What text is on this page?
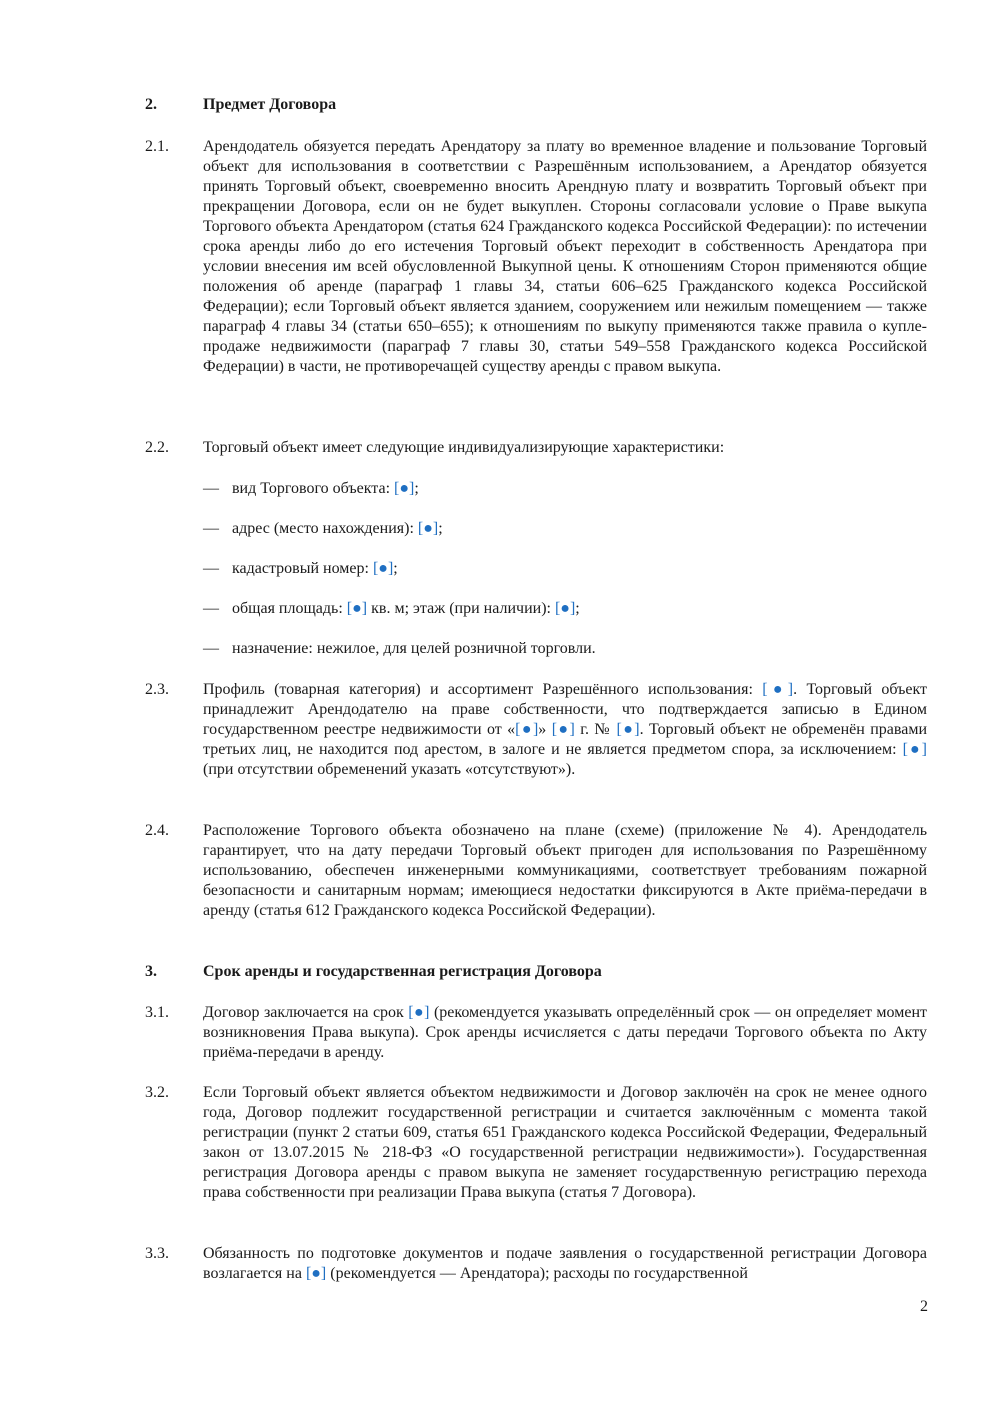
2.	Предмет Договора
2.1. Арендодатель обязуется передать Арендатору за плату во временное владение и пользование Торговый объект для использования в соответствии с Разрешённым использованием, а Арендатор обязуется принять Торговый объект, своевременно вносить Арендную плату и возвратить Торговый объект при прекращении Договора, если он не будет выкуплен. Стороны согласовали условие о Праве выкупа Торгового объекта Арендатором (статья 624 Гражданского кодекса Российской Федерации): по истечении срока аренды либо до его истечения Торговый объект переходит в собственность Арендатора при условии внесения им всей обусловленной Выкупной цены. К отношениям Сторон применяются общие положения об аренде (параграф 1 главы 34, статьи 606–625 Гражданского кодекса Российской Федерации); если Торговый объект является зданием, сооружением или нежилым помещением — также параграф 4 главы 34 (статьи 650–655); к отношениям по выкупу применяются также правила о купле-продаже недвижимости (параграф 7 главы 30, статьи 549–558 Гражданского кодекса Российской Федерации) в части, не противоречащей существу аренды с правом выкупа.
2.2. Торговый объект имеет следующие индивидуализирующие характеристики:
— вид Торгового объекта: [●];
— адрес (место нахождения): [●];
— кадастровый номер: [●];
— общая площадь: [●] кв. м; этаж (при наличии): [●];
— назначение: нежилое, для целей розничной торговли.
2.3. Профиль (товарная категория) и ассортимент Разрешённого использования: [●]. Торговый объект принадлежит Арендодателю на праве собственности, что подтверждается записью в Едином государственном реестре недвижимости от «[●]» [●] г. № [●]. Торговый объект не обременён правами третьих лиц, не находится под арестом, в залоге и не является предметом спора, за исключением: [●] (при отсутствии обременений указать «отсутствуют»).
2.4. Расположение Торгового объекта обозначено на плане (схеме) (приложение № 4). Арендодатель гарантирует, что на дату передачи Торговый объект пригоден для использования по Разрешённому использованию, обеспечен инженерными коммуникациями, соответствует требованиям пожарной безопасности и санитарным нормам; имеющиеся недостатки фиксируются в Акте приёма-передачи в аренду (статья 612 Гражданского кодекса Российской Федерации).
3.	Срок аренды и государственная регистрация Договора
3.1. Договор заключается на срок [●] (рекомендуется указывать определённый срок — он определяет момент возникновения Права выкупа). Срок аренды исчисляется с даты передачи Торгового объекта по Акту приёма-передачи в аренду.
3.2. Если Торговый объект является объектом недвижимости и Договор заключён на срок не менее одного года, Договор подлежит государственной регистрации и считается заключённым с момента такой регистрации (пункт 2 статьи 609, статья 651 Гражданского кодекса Российской Федерации, Федеральный закон от 13.07.2015 № 218-ФЗ «О государственной регистрации недвижимости»). Государственная регистрация Договора аренды с правом выкупа не заменяет государственную регистрацию перехода права собственности при реализации Права выкупа (статья 7 Договора).
3.3. Обязанность по подготовке документов и подаче заявления о государственной регистрации Договора возлагается на [●] (рекомендуется — Арендатора); расходы по государственной
2
